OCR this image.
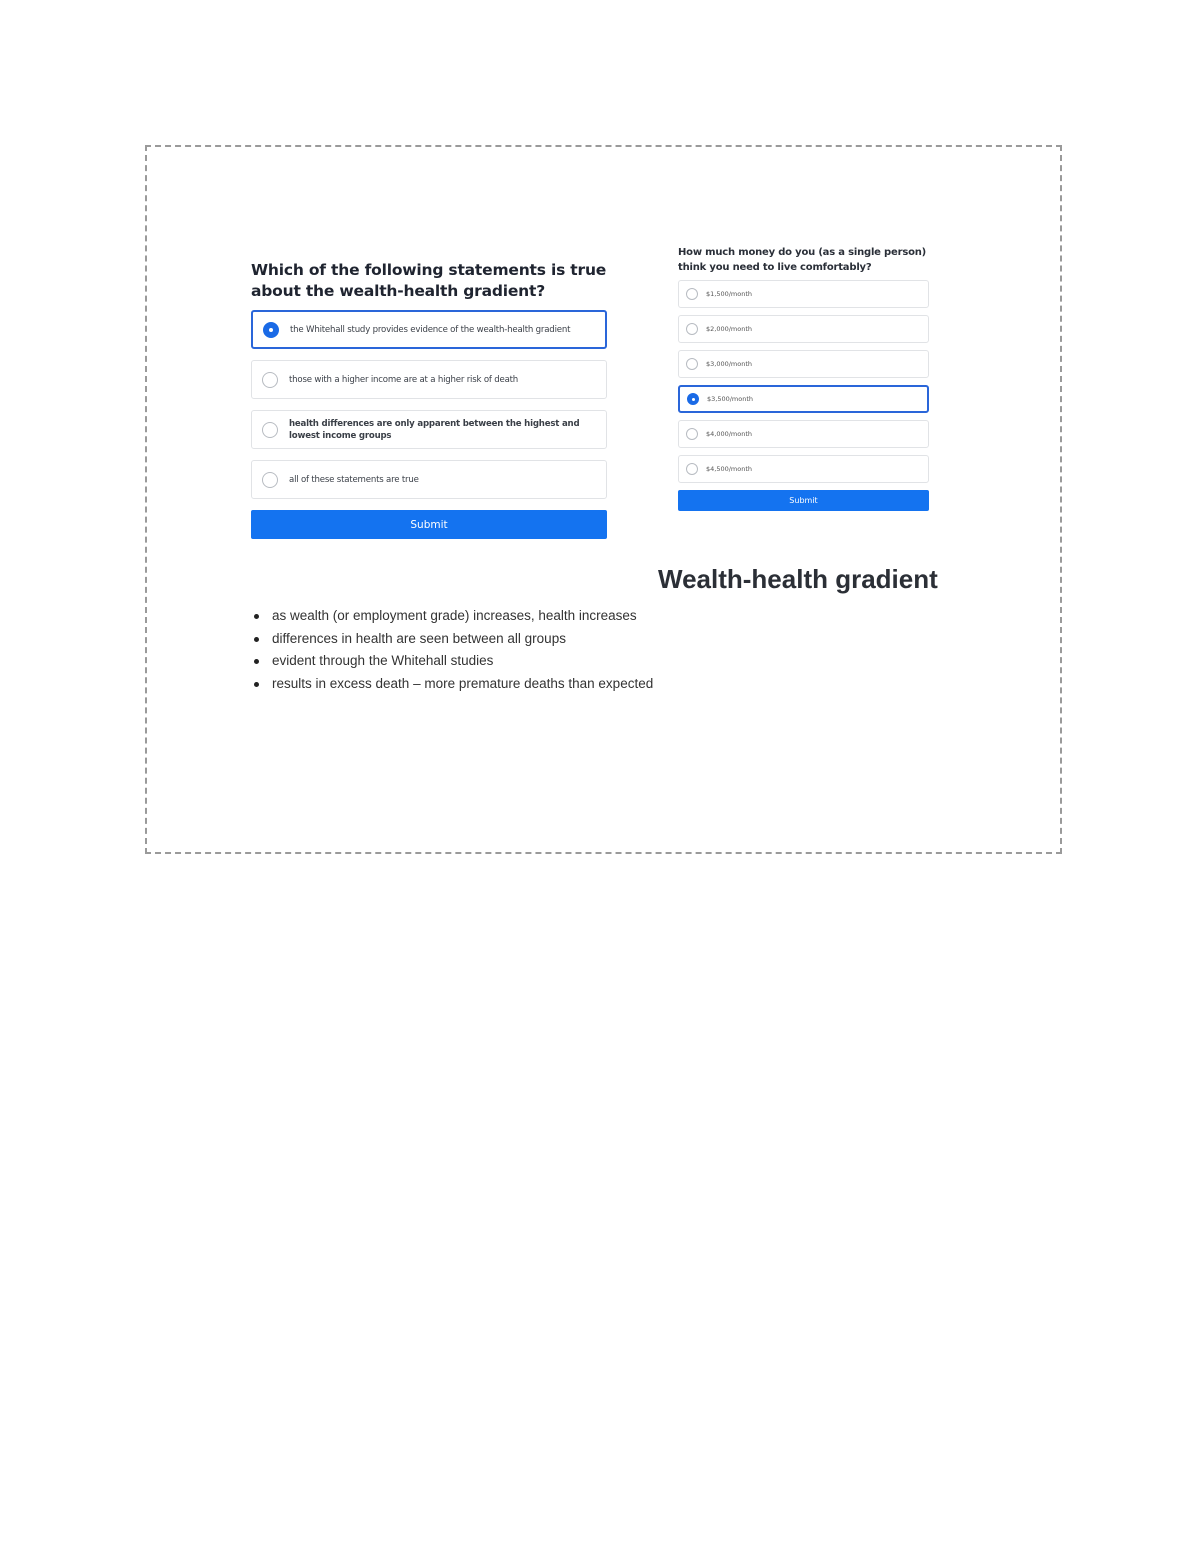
Which of the following statements is true about the wealth-health gradient?
the Whitehall study provides evidence of the wealth-health gradient
those with a higher income are at a higher risk of death
health differences are only apparent between the highest and lowest income groups
all of these statements are true
Submit
How much money do you (as a single person) think you need to live comfortably?
$1,500/month
$2,000/month
$3,000/month
$3,500/month
$4,000/month
$4,500/month
Submit
Wealth-health gradient
as wealth (or employment grade) increases, health increases
differences in health are seen between all groups
evident through the Whitehall studies
results in excess death – more premature deaths than expected
